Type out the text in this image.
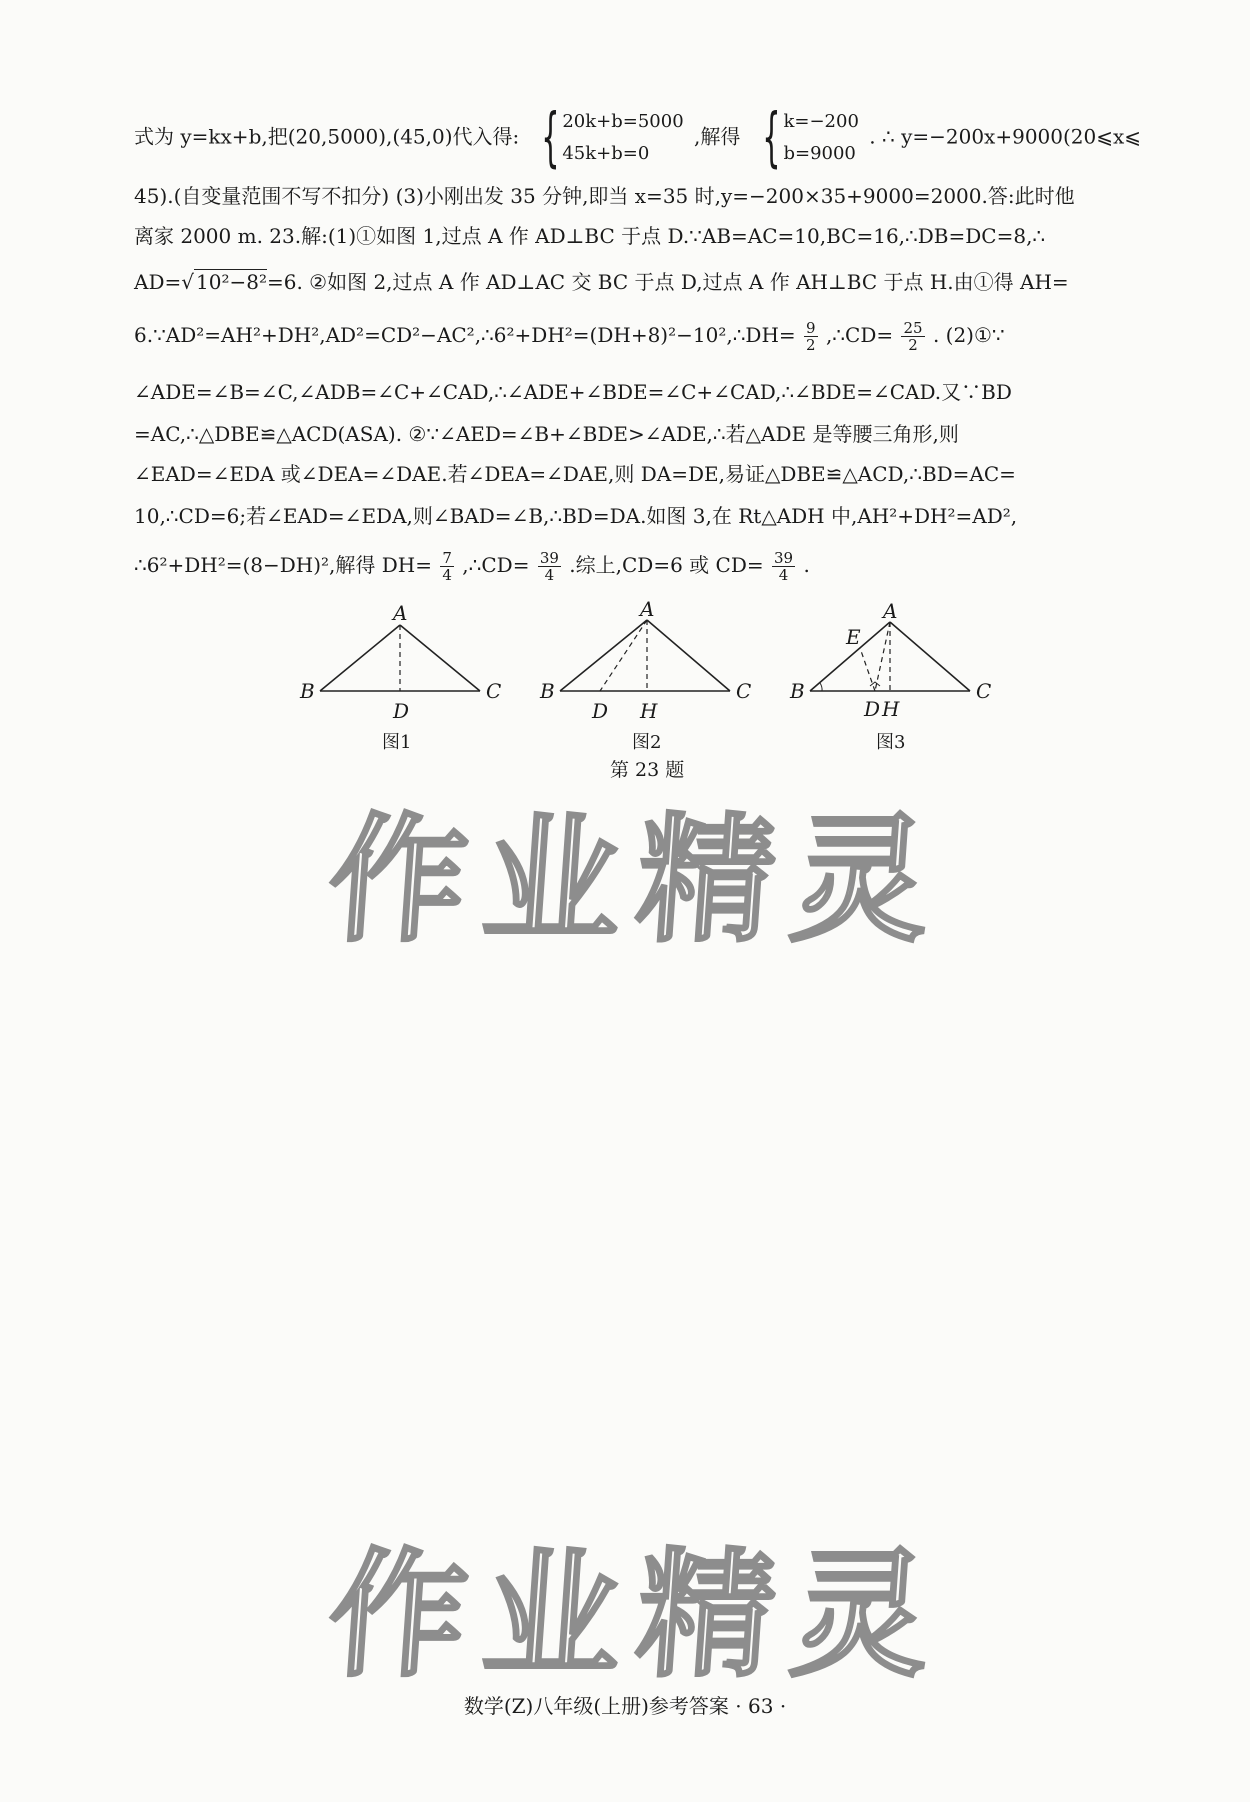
式为 y=kx+b,把(20,5000),(45,0)代入得: { 20k+b=5000
45k+b=0
,解得 { k=−200
b=9000
. ∴ y=−200x+9000(20⩽x⩽
45).(自变量范围不写不扣分) (3)小刚出发 35 分钟,即当 x=35 时,y=−200×35+9000=2000.答:此时他
离家 2000 m. 23.解:(1)①如图 1,过点 A 作 AD⊥BC 于点 D.∵AB=AC=10,BC=16,∴DB=DC=8,∴
AD=√ 10²−8²=6. ②如图 2,过点 A 作 AD⊥AC 交 BC 于点 D,过点 A 作 AH⊥BC 于点 H.由①得 AH=
6.∵AD²=AH²+DH²,AD²=CD²−AC²,∴6²+DH²=(DH+8)²−10²,∴DH= $\frac{9}{2}$ ,∴CD= $\frac{25}{2}$ . (2)①∵
∠ADE=∠B=∠C,∠ADB=∠C+∠CAD,∴∠ADE+∠BDE=∠C+∠CAD,∴∠BDE=∠CAD.又∵BD
=AC,∴△DBE≌△ACD(ASA). ②∵∠AED=∠B+∠BDE>∠ADE,∴若△ADE 是等腰三角形,则
∠EAD=∠EDA 或∠DEA=∠DAE.若∠DEA=∠DAE,则 DA=DE,易证△DBE≌△ACD,∴BD=AC=
10,∴CD=6;若∠EAD=∠EDA,则∠BAD=∠B,∴BD=DA.如图 3,在 Rt△ADH 中,AH²+DH²=AD²,
∴6²+DH²=(8−DH)²,解得 $DH= \frac{7}{4}$ ,∴CD= $\frac{39}{4}$ .综上,CD=6 或 $CD= \frac{39}{4}$ .
A
B	C
D
图1
A
B	C
D H
图2
A
B	C
E
D H
图3
第 23 题
作业精灵
作业精灵
数学(Z)八年级(上册)参考答案 · 63 ·
